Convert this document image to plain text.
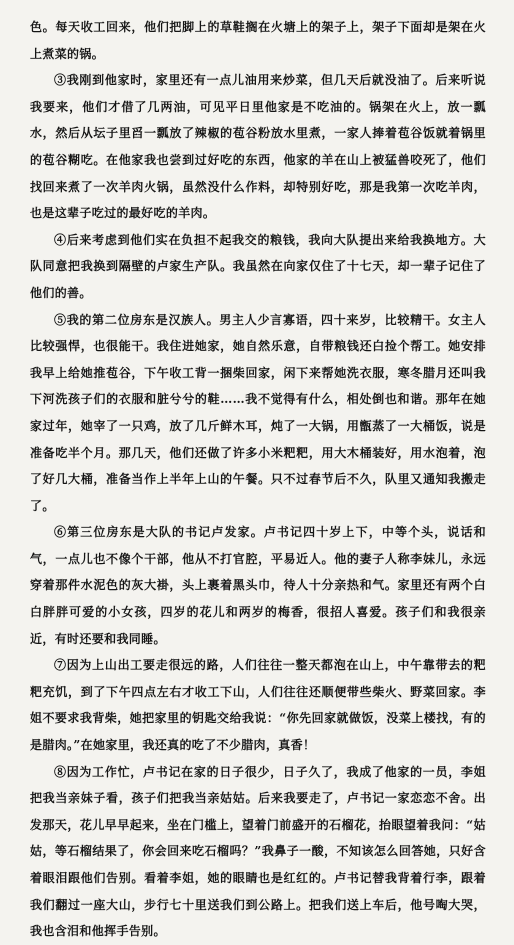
色。每天收工回来，他们把脚上的草鞋搁在火塘上的架子上，架子下面却是架在火上煮菜的锅。

③我刚到他家时，家里还有一点儿油用来炒菜，但几天后就没油了。后来听说我要来，他们才借了几两油，可见平日里他家是不吃油的。锅架在火上，放一瓢水，然后从坛子里舀一瓢放了辣椒的苞谷粉放水里煮，一家人捧着苞谷饭就着锅里的苞谷糊吃。在他家我也尝到过好吃的东西，他家的羊在山上被猛兽咬死了，他们找回来煮了一次羊肉火锅，虽然没什么作料，却特别好吃，那是我第一次吃羊肉，也是这辈子吃过的最好吃的羊肉。

④后来考虑到他们实在负担不起我交的粮钱，我向大队提出来给我换地方。大队同意把我换到隔壁的卢家生产队。我虽然在向家仅住了十七天，却一辈子记住了他们的善。

⑤我的第二位房东是汉族人。男主人少言寡语，四十来岁，比较精干。女主人比较强悍，也很能干。我住进她家，她自然乐意，自带粮钱还白捡个帮工。她安排我早上给她推苞谷，下午收工背一捆柴回家，闲下来帮她洗衣服，寒冬腊月还叫我下河洗孩子们的衣服和脏兮兮的鞋……我不觉得有什么，相处倒也和谐。那年在她家过年，她宰了一只鸡，放了几斤鲜木耳，炖了一大锅，用甑蒸了一大桶饭，说是准备吃半个月。那几天，他们还做了许多小米粑粑，用大木桶装好，用水泡着，泡了好几大桶，准备当作上半年上山的午餐。只不过春节后不久，队里又通知我搬走了。

⑥第三位房东是大队的书记卢发家。卢书记四十岁上下，中等个头，说话和气，一点儿也不像个干部，他从不打官腔，平易近人。他的妻子人称李妹儿，永远穿着那件水泥色的灰大褂，头上裹着黑头巾，待人十分亲热和气。家里还有两个白白胖胖可爱的小女孩，四岁的花儿和两岁的梅香，很招人喜爱。孩子们和我很亲近，有时还要和我同睡。

⑦因为上山出工要走很远的路，人们往往一整天都泡在山上，中午靠带去的粑粑充饥，到了下午四点左右才收工下山，人们往往还顺便带些柴火、野菜回家。李姐不要求我背柴，她把家里的钥匙交给我说：“你先回家就做饭，没菜上楼找，有的是腊肉。”在她家里，我还真的吃了不少腊肉，真香！

⑧因为工作忙，卢书记在家的日子很少，日子久了，我成了他家的一员，李姐把我当亲妹子看，孩子们把我当亲姑姑。后来我要走了，卢书记一家恋恋不舍。出发那天，花儿早早起来，坐在门槛上，望着门前盛开的石榴花，抬眼望着我问：“姑姑，等石榴结果了，你会回来吃石榴吗？”我鼻子一酸，不知该怎么回答她，只好含着眼泪跟他们告别。看着李姐，她的眼睛也是红红的。卢书记替我背着行李，跟着我们翻过一座大山，步行七十里送我们到公路上。把我们送上车后，他号啕大哭，我也含泪和他挥手告别。
